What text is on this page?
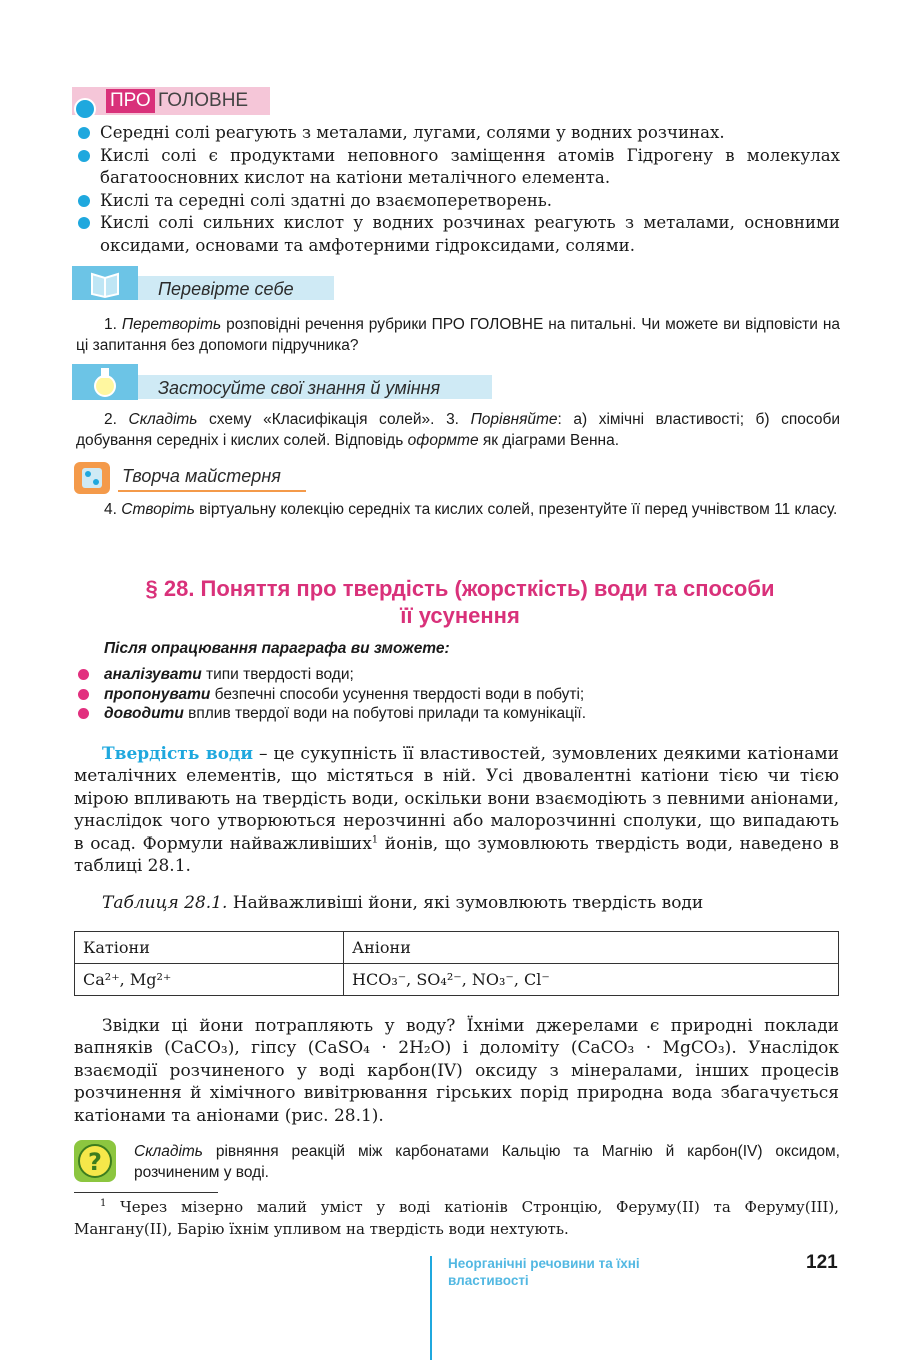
ПРО ГОЛОВНЕ
Середні солі реагують з металами, лугами, солями у водних розчинах.
Кислі солі є продуктами неповного заміщення атомів Гідрогену в молекулах багатоосновних кислот на катіони металічного елемента.
Кислі та середні солі здатні до взаємоперетворень.
Кислі солі сильних кислот у водних розчинах реагують з металами, основними оксидами, основами та амфотерними гідроксидами, солями.
Перевірте себе
1. Перетворіть розповідні речення рубрики ПРО ГОЛОВНЕ на питальні. Чи можете ви відповісти на ці запитання без допомоги підручника?
Застосуйте свої знання й уміння
2. Складіть схему «Класифікація солей». 3. Порівняйте: а) хімічні властивості; б) способи добування середніх і кислих солей. Відповідь оформте як діаграми Венна.
Творча майстерня
4. Створіть віртуальну колекцію середніх та кислих солей, презентуйте її перед учнівством 11 класу.
§ 28. Поняття про твердість (жорсткість) води та способи
її усунення
Після опрацювання параграфа ви зможете:
аналізувати типи твердості води;
пропонувати безпечні способи усунення твердості води в побуті;
доводити вплив твердої води на побутові прилади та комунікації.
Твердість води – це сукупність її властивостей, зумовлених деякими катіонами металічних елементів, що містяться в ній. Усі двовалентні катіони тією чи тією мірою впливають на твердість води, оскільки вони взаємодіють з певними аніонами, унаслідок чого утворюються нерозчинні або малорозчинні сполуки, що випадають в осад. Формули найважливіших$^1$ йонів, що зумовлюють твердість води, наведено в таблиці 28.1.
Таблиця 28.1. Найважливіші йони, які зумовлюють твердість води
Катіони	Аніони
Ca²⁺, Mg²⁺	HCO₃⁻, SO₄²⁻, NO₃⁻, Cl⁻
Звідки ці йони потрапляють у воду? Їхніми джерелами є природні поклади вапняків (CaCO₃), гіпсу (CaSO₄ · 2H₂O) і доломіту (CaCO₃ · MgCO₃). Унаслідок взаємодії розчиненого у воді карбон(IV) оксиду з мінералами, інших процесів розчинення й хімічного вивітрювання гірських порід природна вода збагачується катіонами та аніонами (рис. 28.1).
? Складіть рівняння реакцій між карбонатами Кальцію та Магнію й карбон(IV) оксидом, розчиненим у воді.
$^1$ Через мізерно малий уміст у воді катіонів Стронцію, Феруму(II) та Феруму(III), Мангану(II), Барію їхнім упливом на твердість води нехтують.
Неорганічні речовини та їхні
властивості
121
